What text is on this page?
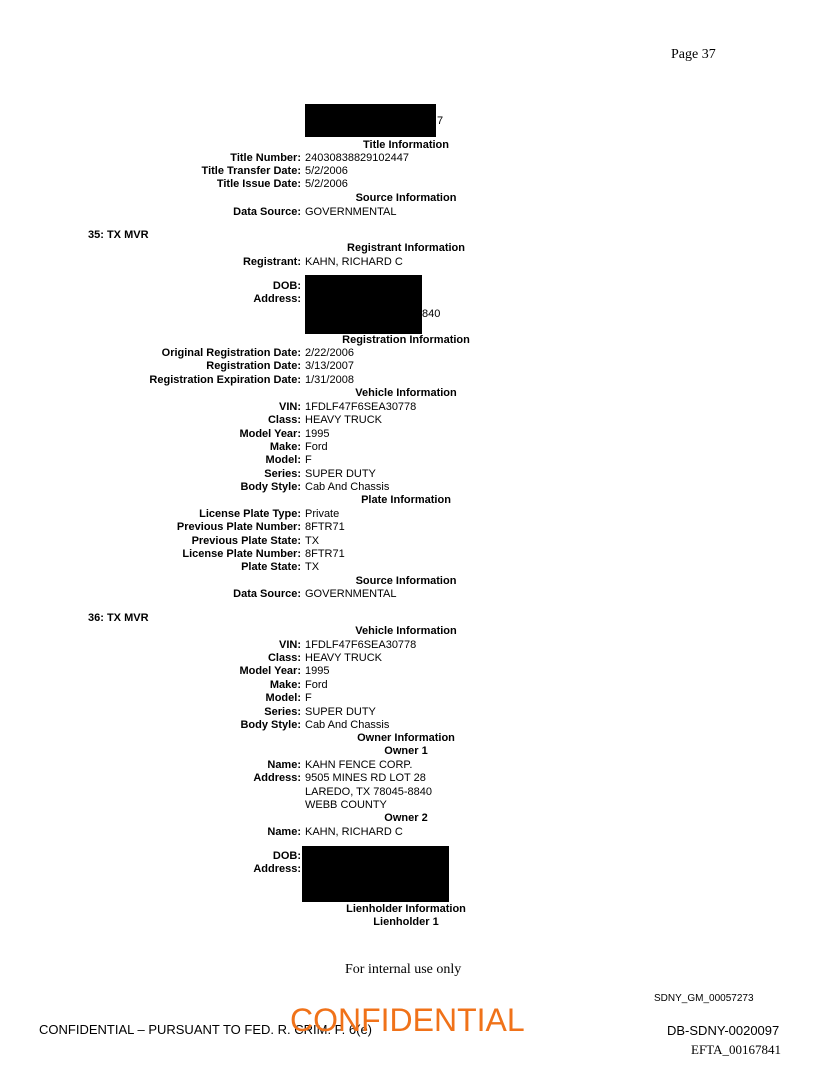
Page 37
7
Title Information
Title Number: 24030838829102447
Title Transfer Date: 5/2/2006
Title Issue Date: 5/2/2006
Source Information
Data Source: GOVERNMENTAL
35: TX MVR
Registrant Information
Registrant: KAHN, RICHARD C
DOB:
Address:
840
Registration Information
Original Registration Date: 2/22/2006
Registration Date: 3/13/2007
Registration Expiration Date: 1/31/2008
Vehicle Information
VIN: 1FDLF47F6SEA30778
Class: HEAVY TRUCK
Model Year: 1995
Make: Ford
Model: F
Series: SUPER DUTY
Body Style: Cab And Chassis
Plate Information
License Plate Type: Private
Previous Plate Number: 8FTR71
Previous Plate State: TX
License Plate Number: 8FTR71
Plate State: TX
Source Information
Data Source: GOVERNMENTAL
36: TX MVR
Vehicle Information
VIN: 1FDLF47F6SEA30778
Class: HEAVY TRUCK
Model Year: 1995
Make: Ford
Model: F
Series: SUPER DUTY
Body Style: Cab And Chassis
Owner Information
Owner 1
Name: KAHN FENCE CORP.
Address: 9505 MINES RD LOT 28
LAREDO, TX 78045-8840
WEBB COUNTY
Owner 2
Name: KAHN, RICHARD C
DOB:
Address:
Lienholder Information
Lienholder 1
For internal use only
SDNY_GM_00057273
CONFIDENTIAL – PURSUANT TO FED. R. CRIM. P. 6(e)
CONFIDENTIAL	DB-SDNY-0020097
EFTA_00167841
